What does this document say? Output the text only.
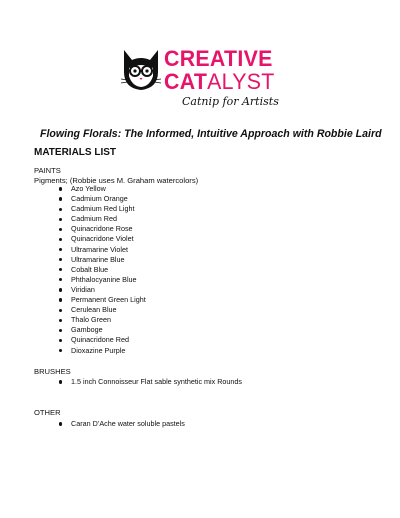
CREATIVE
CATALYST
Catnip for Artists
Flowing Florals: The Informed, Intuitive Approach with Robbie Laird
MATERIALS LIST
PAINTS
Pigments; (Robbie uses M. Graham watercolors)
Azo Yellow
Cadmium Orange
Cadmium Red Light
Cadmium Red
Quinacridone Rose
Quinacridone Violet
Ultramarine Violet
Ultramarine Blue
Cobalt Blue
Phthalocyanine Blue
Viridian
Permanent Green Light
Cerulean Blue
Thalo Green
Gamboge
Quinacridone Red
Dioxazine Purple
BRUSHES
1.5 inch Connoisseur Flat sable synthetic mix Rounds
OTHER
Caran D’Ache water soluble pastels
